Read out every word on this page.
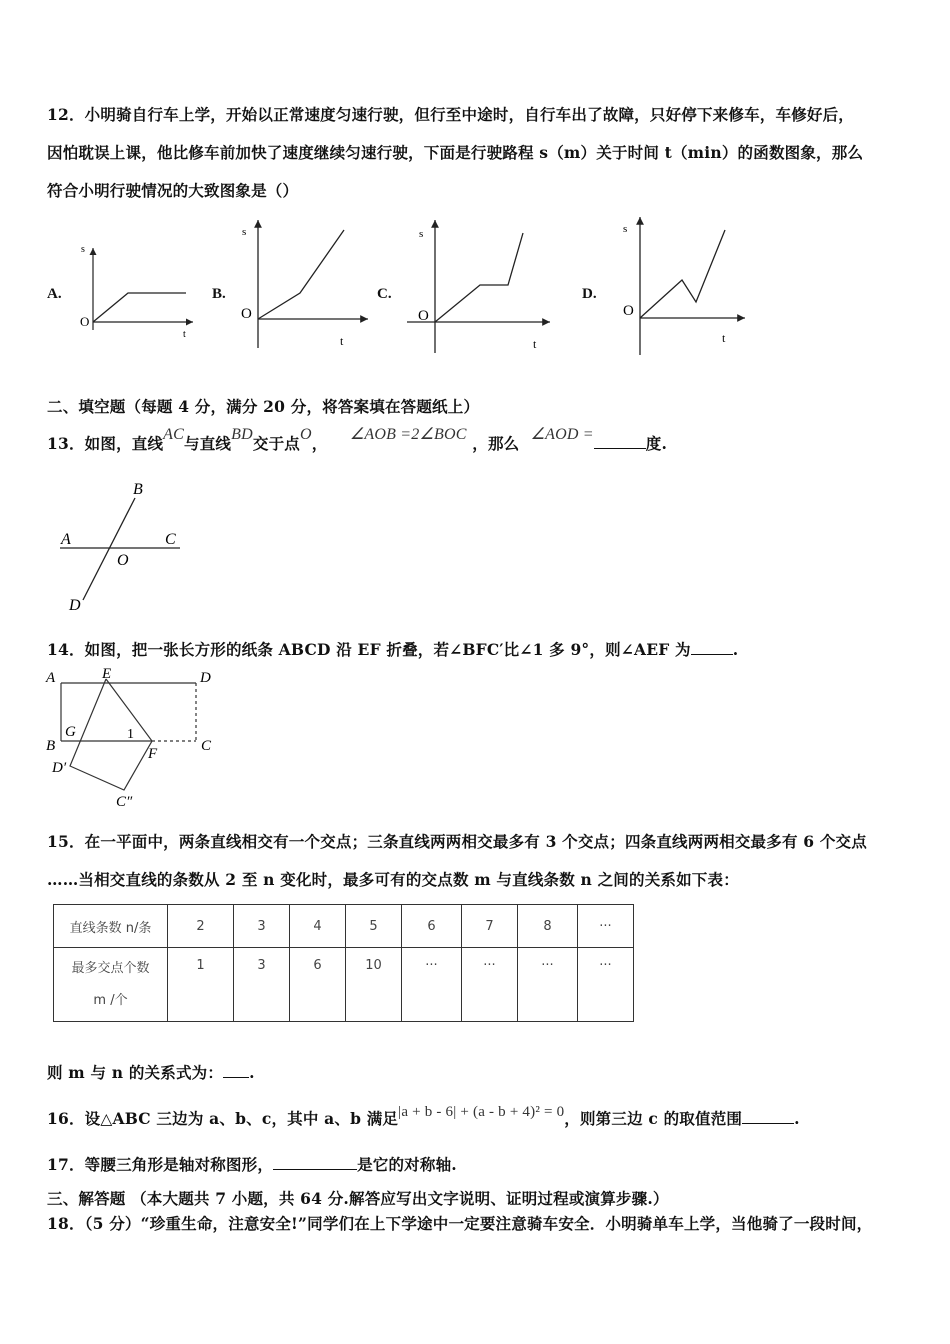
12．小明骑自行车上学，开始以正常速度匀速行驶，但行至中途时，自行车出了故障，只好停下来修车，车修好后，
因怕耽误上课，他比修车前加快了速度继续匀速行驶，下面是行驶路程 s（m）关于时间 t（min）的函数图象，那么
符合小明行驶情况的大致图象是（）
A.
s
t
O
B.
s
t
O
C.
s
t
O
D.
s
t
O
二、填空题（每题 4 分，满分 20 分，将答案填在答题纸上）
13．如图，直线AC与直线BD交于点O， ∠AOB =2∠BOC ，那么 ∠AOD =	度.
B
A	C
O
D
14．如图，把一张长方形的纸条 ABCD 沿 EF 折叠，若∠BFC′比∠1 多 9°，则∠AEF 为	.
A	E	D
G	1
B	F	C
D′
C″
15．在一平面中，两条直线相交有一个交点；三条直线两两相交最多有 3 个交点；四条直线两两相交最多有 6 个交点
……当相交直线的条数从 2 至 n 变化时，最多可有的交点数 m 与直线条数 n 之间的关系如下表：
直线条数 n/条	2	3	4	5	6	7	8	···

最多交点个数
m /个	1	3	6	10	···	···	···	···
则 m 与 n 的关系式为： .
16．设△ABC 三边为 a、b、c，其中 a、b 满足|a + b - 6| + (a - b + 4)² = 0，则第三边 c 的取值范围	.
17．等腰三角形是轴对称图形，	是它的对称轴.
三、解答题 （本大题共 7 小题，共 64 分.解答应写出文字说明、证明过程或演算步骤.）
18．（5 分）“珍重生命，注意安全!”同学们在上下学途中一定要注意骑车安全．小明骑单车上学，当他骑了一段时间，
